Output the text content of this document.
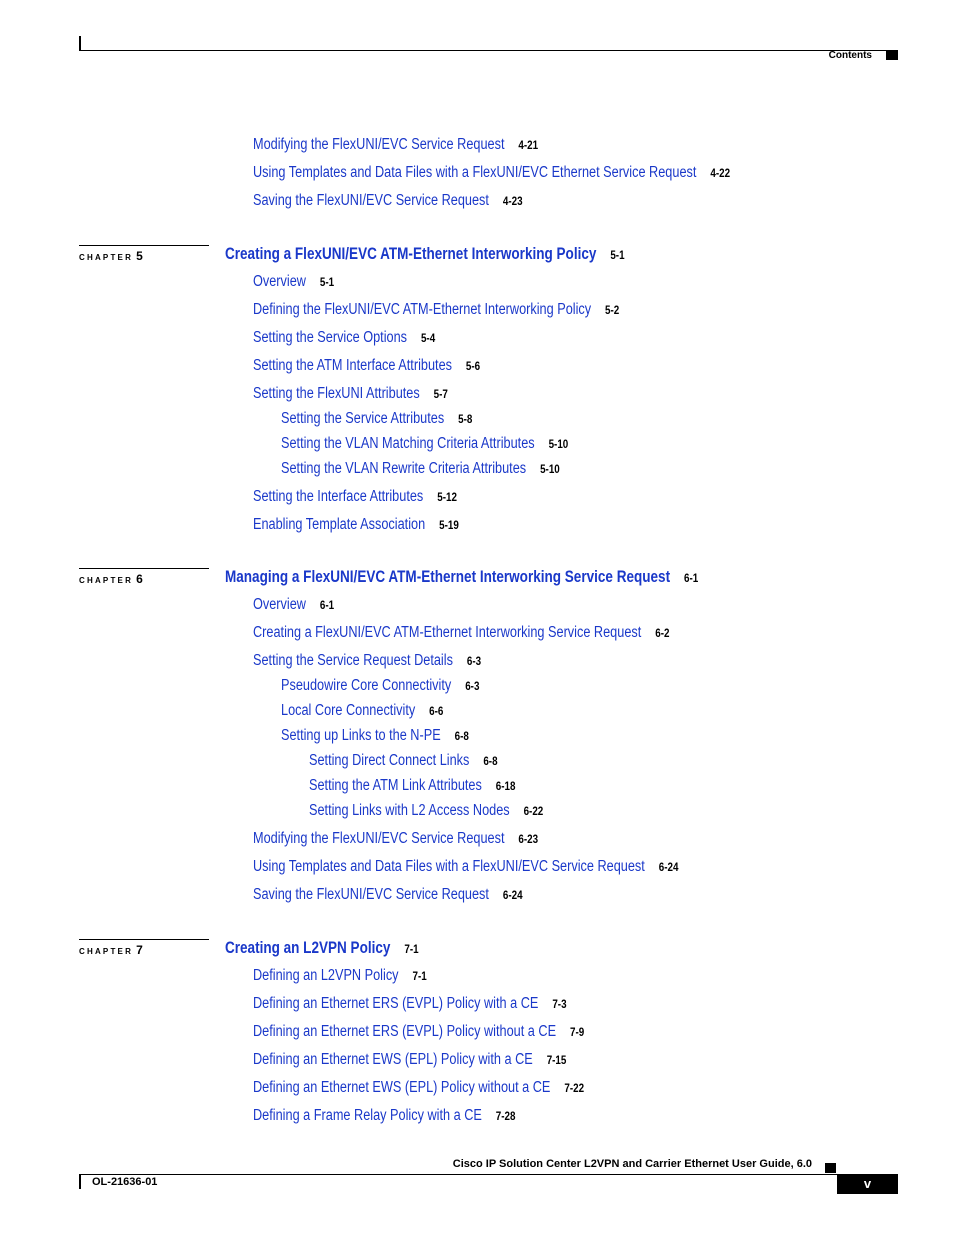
Contents
Modifying the FlexUNI/EVC Service Request 4-21
Using Templates and Data Files with a FlexUNI/EVC Ethernet Service Request 4-22
Saving the FlexUNI/EVC Service Request 4-23
CHAPTER 5	Creating a FlexUNI/EVC ATM-Ethernet Interworking Policy 5-1
Overview 5-1
Defining the FlexUNI/EVC ATM-Ethernet Interworking Policy 5-2
Setting the Service Options 5-4
Setting the ATM Interface Attributes 5-6
Setting the FlexUNI Attributes 5-7
Setting the Service Attributes 5-8
Setting the VLAN Matching Criteria Attributes 5-10
Setting the VLAN Rewrite Criteria Attributes 5-10
Setting the Interface Attributes 5-12
Enabling Template Association 5-19
CHAPTER 6	Managing a FlexUNI/EVC ATM-Ethernet Interworking Service Request 6-1
Overview 6-1
Creating a FlexUNI/EVC ATM-Ethernet Interworking Service Request 6-2
Setting the Service Request Details 6-3
Pseudowire Core Connectivity 6-3
Local Core Connectivity 6-6
Setting up Links to the N-PE 6-8
Setting Direct Connect Links 6-8
Setting the ATM Link Attributes 6-18
Setting Links with L2 Access Nodes 6-22
Modifying the FlexUNI/EVC Service Request 6-23
Using Templates and Data Files with a FlexUNI/EVC Service Request 6-24
Saving the FlexUNI/EVC Service Request 6-24
CHAPTER 7	Creating an L2VPN Policy 7-1
Defining an L2VPN Policy 7-1
Defining an Ethernet ERS (EVPL) Policy with a CE 7-3
Defining an Ethernet ERS (EVPL) Policy without a CE 7-9
Defining an Ethernet EWS (EPL) Policy with a CE 7-15
Defining an Ethernet EWS (EPL) Policy without a CE 7-22
Defining a Frame Relay Policy with a CE 7-28
Cisco IP Solution Center L2VPN and Carrier Ethernet User Guide, 6.0
OL-21636-01	v
